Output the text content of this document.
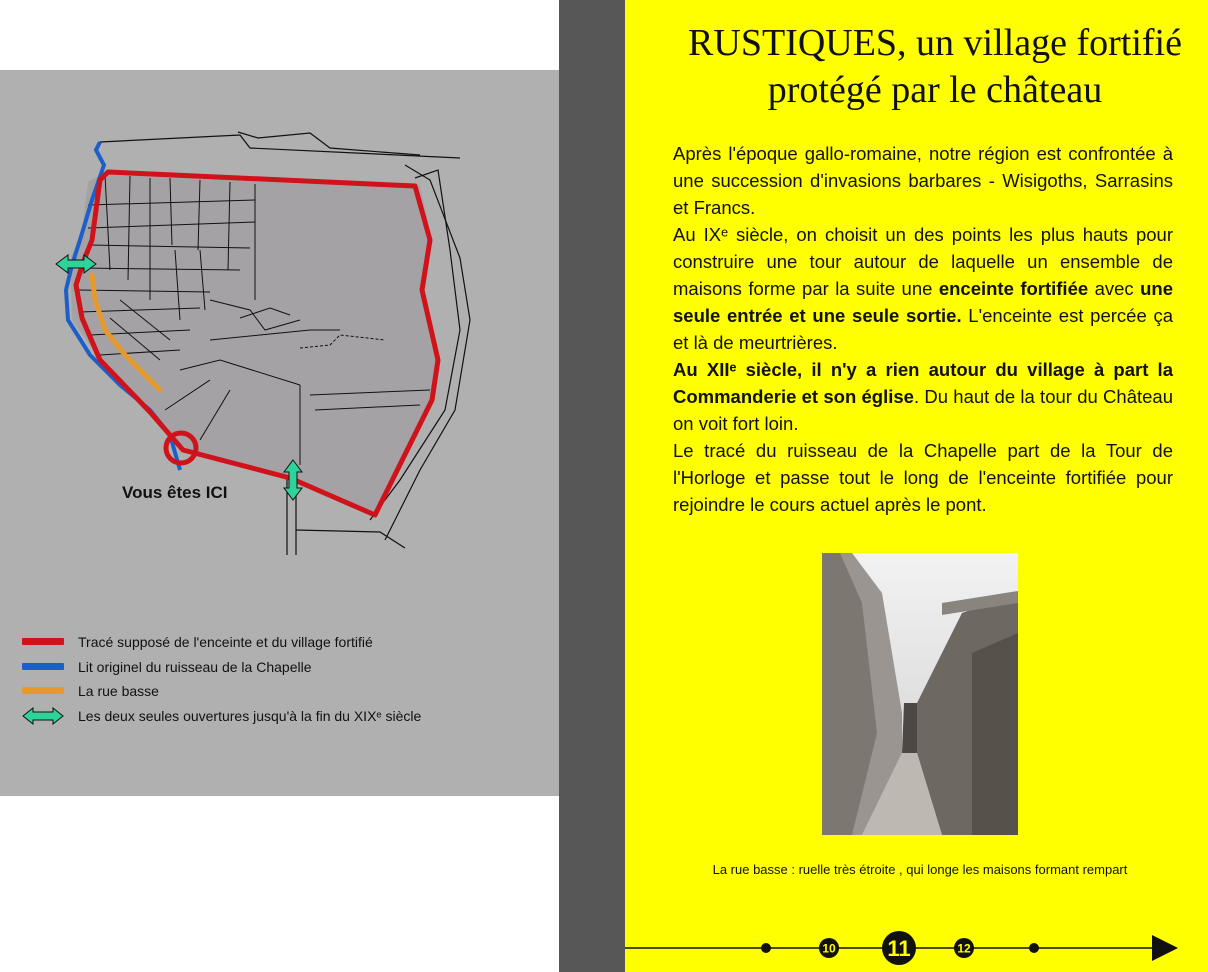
Vous êtes ICI
Tracé supposé de l'enceinte et du village fortifié
Lit originel du ruisseau de la Chapelle
La rue basse
Les deux seules ouvertures jusqu'à la fin du XIXᵉ siècle
RUSTIQUES, un village fortifié
protégé par le château

Après l'époque gallo-romaine, notre région est confrontée à une succession d'invasions barbares - Wisigoths, Sarrasins et Francs.

Au IXᵉ siècle, on choisit un des points les plus hauts pour construire une tour autour de laquelle un ensemble de maisons forme par la suite une enceinte fortifiée avec une seule entrée et une seule sortie. L'enceinte est percée ça et là de meurtrières.

Au XIIᵉ siècle, il n'y a rien autour du village à part la Commanderie et son église. Du haut de la tour du Château on voit fort loin.

Le tracé du ruisseau de la Chapelle part de la Tour de l'Horloge et passe tout le long de l'enceinte fortifiée pour rejoindre le cours actuel après le pont.

La rue basse : ruelle très étroite , qui longe les maisons formant rempart
10 11	12
